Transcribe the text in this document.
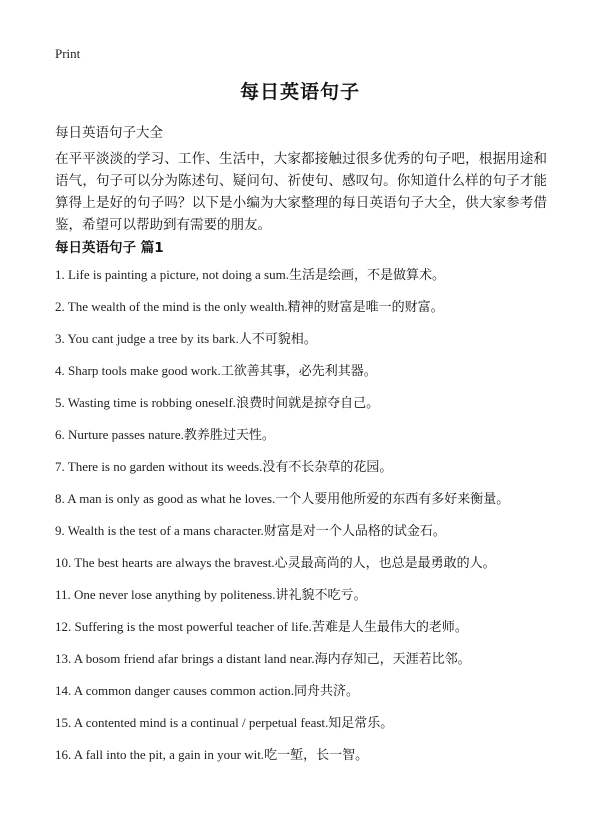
Print
每日英语句子
每日英语句子大全

在平平淡淡的学习、工作、生活中，大家都接触过很多优秀的句子吧，根据用途和语气，句子可以分为陈述句、疑问句、祈使句、感叹句。你知道什么样的句子才能算得上是好的句子吗？以下是小编为大家整理的每日英语句子大全，供大家参考借鉴，希望可以帮助到有需要的朋友。

每日英语句子 篇1
1. Life is painting a picture, not doing a sum.生活是绘画，不是做算术。
2. The wealth of the mind is the only wealth.精神的财富是唯一的财富。
3. You cant judge a tree by its bark.人不可貌相。
4. Sharp tools make good work.工欲善其事，必先利其器。
5. Wasting time is robbing oneself.浪费时间就是掠夺自己。
6. Nurture passes nature.教养胜过天性。
7. There is no garden without its weeds.没有不长杂草的花园。
8. A man is only as good as what he loves.一个人要用他所爱的东西有多好来衡量。
9. Wealth is the test of a mans character.财富是对一个人品格的试金石。
10. The best hearts are always the bravest.心灵最高尚的人，也总是最勇敢的人。
11. One never lose anything by politeness.讲礼貌不吃亏。
12. Suffering is the most powerful teacher of life.苦难是人生最伟大的老师。
13. A bosom friend afar brings a distant land near.海内存知己，天涯若比邻。
14. A common danger causes common action.同舟共济。
15. A contented mind is a continual / perpetual feast.知足常乐。
16. A fall into the pit, a gain in your wit.吃一堑，长一智。
